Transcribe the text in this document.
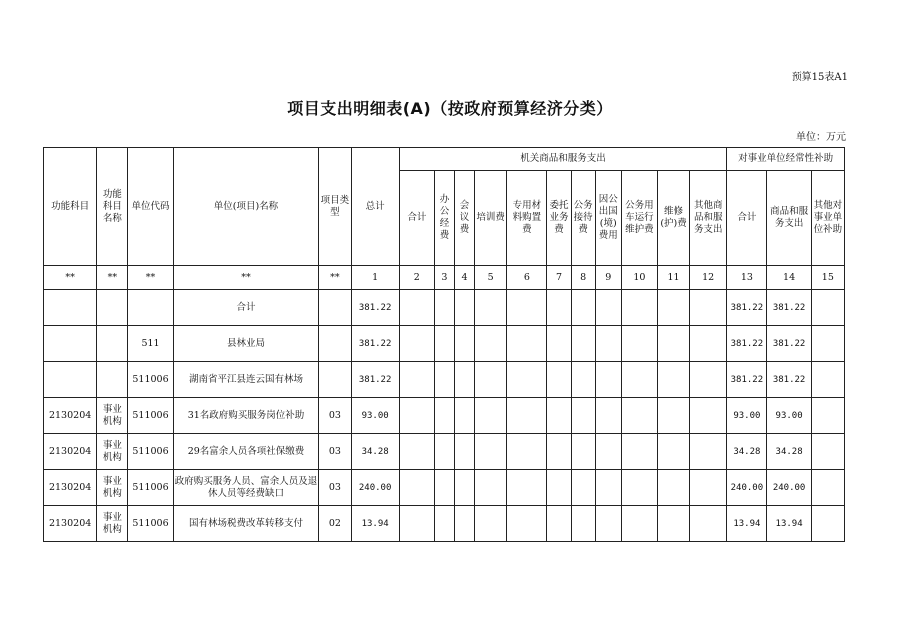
预算15表A1
项目支出明细表(A)（按政府预算经济分类）
单位：万元
功能科目	功能科目名称	单位代码	单位(项目)名称	项目类型	总计	机关商品和服务支出											对事业单位经常性补助		
						合计	办公经费	会议费	培训费	专用材料购置费	委托业务费	公务接待费	因公出国(境)费用	公务用车运行维护费	维修(护)费	其他商品和服务支出	合计	商品和服务支出	其他对事业单位补助
**	**	**	**	**	1	2	3	4	5	6	7	8	9	10	11	12	13	14	15
			合计		381.22												381.22	381.22	
		511	县林业局		381.22												381.22	381.22	
		511006	湖南省平江县连云国有林场		381.22												381.22	381.22	
2130204	事业机构	511006	31名政府购买服务岗位补助	03	93.00												93.00	93.00	
2130204	事业机构	511006	29名富余人员各项社保缴费	03	34.28												34.28	34.28	
2130204	事业机构	511006	政府购买服务人员、富余人员及退休人员等经费缺口	03	240.00												240.00	240.00	
2130204	事业机构	511006	国有林场税费改革转移支付	02	13.94												13.94	13.94	
